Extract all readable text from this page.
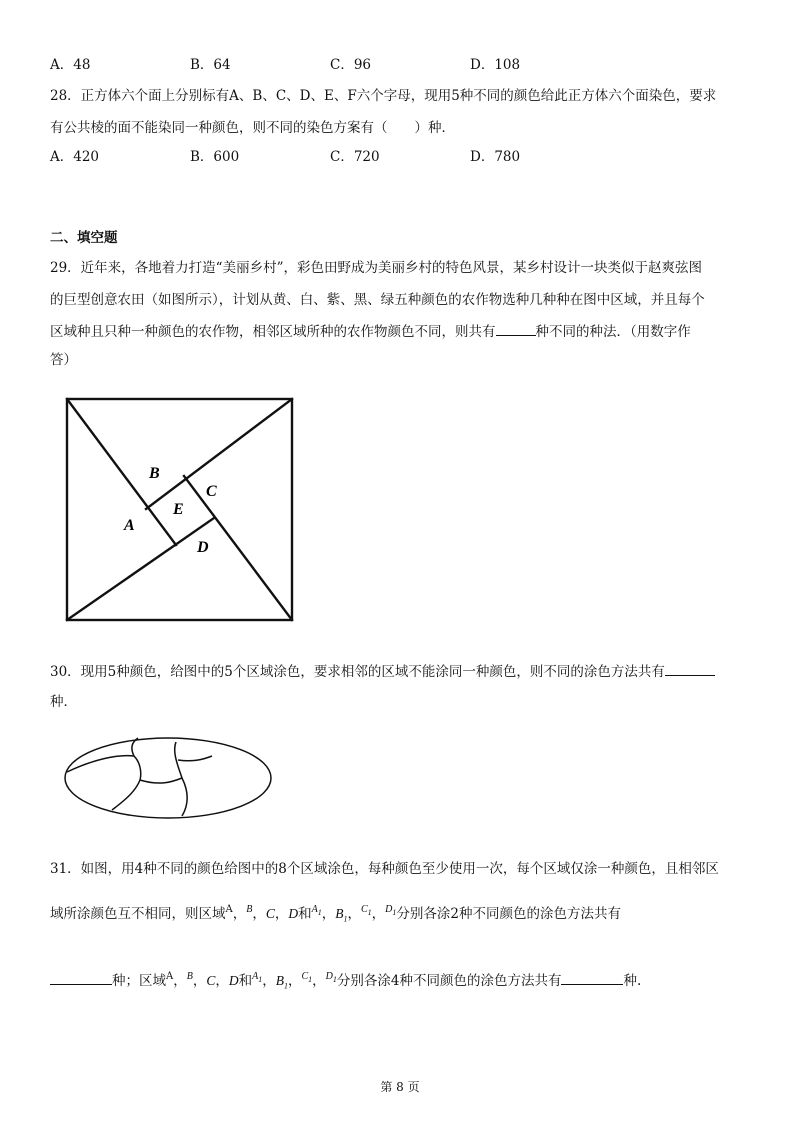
A．48	B．64	C．96	D．108
28．正方体六个面上分别标有A、B、C、D、E、F六个字母，现用5种不同的颜色给此正方体六个面染色，要求
有公共棱的面不能染同一种颜色，则不同的染色方案有（　　）种．
A．420	B．600	C．720	D．780
二、填空题
29．近年来，各地着力打造“美丽乡村”，彩色田野成为美丽乡村的特色风景，某乡村设计一块类似于赵爽弦图
的巨型创意农田（如图所示），计划从黄、白、紫、黑、绿五种颜色的农作物选种几种种在图中区域，并且每个
区域种且只种一种颜色的农作物，相邻区域所种的农作物颜色不同，则共有	种不同的种法．（用数字作
答）
B
C
E
A
D
30．现用5种颜色，给图中的5个区域涂色，要求相邻的区域不能涂同一种颜色，则不同的涂色方法共有
种．
31．如图，用4种不同的颜色给图中的8个区域涂色，每种颜色至少使用一次，每个区域仅涂一种颜色，且相邻区
域所涂颜色互不相同，则区域$^A$，$^B$，C，D和$^{A_1}$，$B_1$，$^{C_1}$，$^{D_1}$分别各涂2种不同颜色的涂色方法共有
种；区域$^A$，$^B$，C，D和$^{A_1}$，$B_1$，$^{C_1}$，$^{D_1}$分别各涂4种不同颜色的涂色方法共有	种.
第 8 页
